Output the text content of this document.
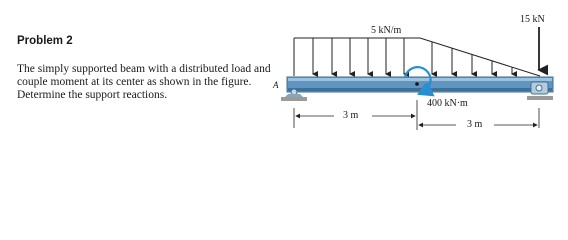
Problem 2

The simply supported beam with a distributed load and couple moment at its center as shown in the figure. Determine the support reactions.

5 kN/m
15 kN
400 kN·m
A
3 m
3 m
